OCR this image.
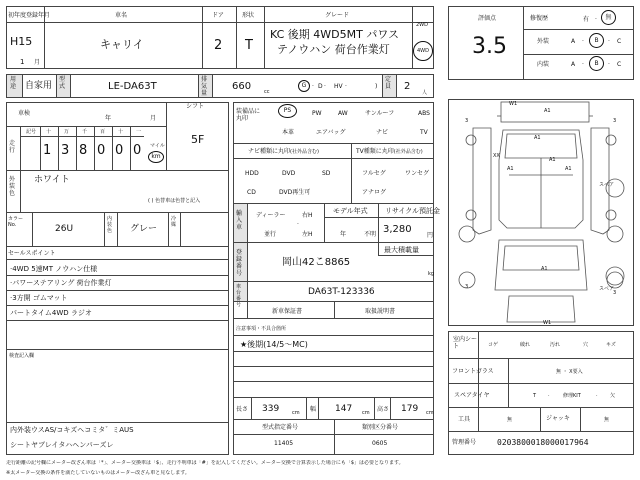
初年度登録年月	車名	ドア	形状	グレード
H15
1 月
キャリイ	2 T
KC 後期 4WD5MT パワス
テノウハン 荷台作業灯
2WD
4WD
用途 自家用
型式	LE-DA63T
排気量
660	cc
G · D · HV ·	)
定員 2
人
車検
年	月
シフト
5F
走行
記号 十	万	千	百	十	一
1 3 8 0 0 0 マイル
km
外装色
ホワイト
( ) 色替車は色替と記入
カラーNo.	26U
内装色	グレー
冷媒
セールスポイント
·4WD 5速MT ノウハン仕様
·パワーステアリング 荷台作業灯
·3方開 ゴムマット
パートタイム4WD ラジオ
検査記入欄
内外装ウスAS/コキズヘコミタ゛ミAUS
シートヤブレイタハヘンパーズレ
装備品に丸印
PS	PW	AW	サンルーフ	ABS
本革	エアバッグ	ナビ	TV
ナビ種類に丸印(社外品含む)	TV種類に丸印(社外品含む)
HDD	DVD	SD
CD	DVD再生可
フルセグ	ワンセグ
アナログ
輸入車
ディーラー
並行
右H
左H
·
モデル年式
年	不明
リサイクル預託金
3,280
円
登録番号
最大積載量
岡山42こ8865
kg
車台番号
DA63T-123336
新車保証書	取扱説明書
注意事項・不具合箇所
★後期(14/5〜MC)
長さ 339	cm 幅 147 cm 高さ 179 cm
型式指定番号	類別区分番号
11405	0605
評価点
3.5
修復歴	有 ·	無
外装	A ·	B	· C
内装	A ·	B	· C
W1
A1
A1
XX
A1
A1	A1
A1
W1
スペア
スペア
3	3
3
3
室内シート	コゲ	破れ	汚れ	穴	キズ
フロントガラス	無 ・ X要入
スペアタイヤ	T ·	修理KIT	· 欠
工具	無	ジャッキ	無
管理番号	0203800018000017964
走行距離の記号欄にメーター改ざん車は「*」、メーター交換車は「$」、走行不明車は「#」を記入してください。メーター交換で合算表示した場合にも「$」は必要となります。
※太メーター交換の条件を満たしていないものはメーター改ざん車と見なします。
